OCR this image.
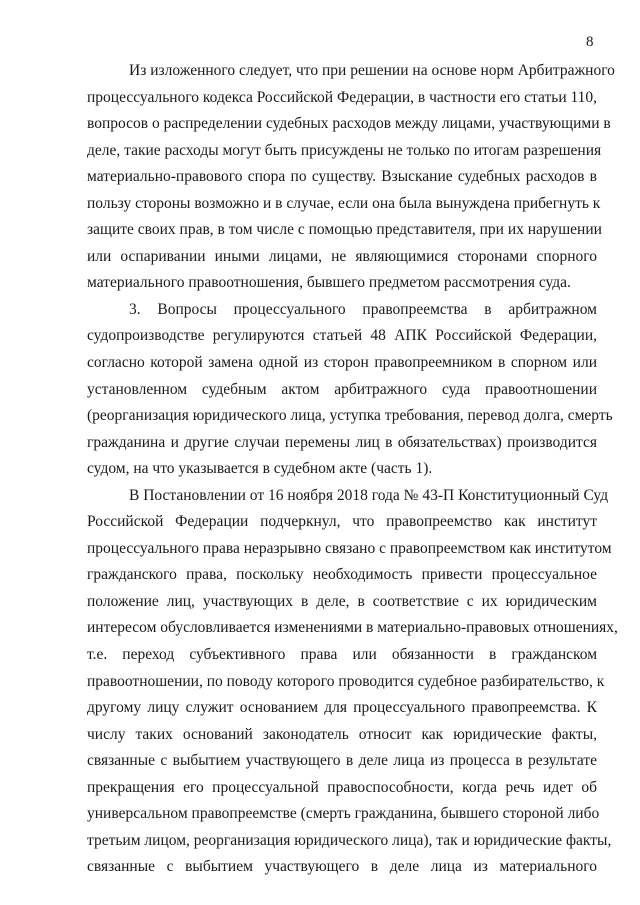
8
Из изложенного следует, что при решении на основе норм Арбитражного
процессуального кодекса Российской Федерации, в частности его статьи 110,
вопросов о распределении судебных расходов между лицами, участвующими в
деле, такие расходы могут быть присуждены не только по итогам разрешения
материально-правового спора по существу. Взыскание судебных расходов в
пользу стороны возможно и в случае, если она была вынуждена прибегнуть к
защите своих прав, в том числе с помощью представителя, при их нарушении
или оспаривании иными лицами, не являющимися сторонами спорного
материального правоотношения, бывшего предметом рассмотрения суда.
3. Вопросы процессуального правопреемства в арбитражном
судопроизводстве регулируются статьей 48 АПК Российской Федерации,
согласно которой замена одной из сторон правопреемником в спорном или
установленном судебным актом арбитражного суда правоотношении
(реорганизация юридического лица, уступка требования, перевод долга, смерть
гражданина и другие случаи перемены лиц в обязательствах) производится
судом, на что указывается в судебном акте (часть 1).
В Постановлении от 16 ноября 2018 года № 43-П Конституционный Суд
Российской Федерации подчеркнул, что правопреемство как институт
процессуального права неразрывно связано с правопреемством как институтом
гражданского права, поскольку необходимость привести процессуальное
положение лиц, участвующих в деле, в соответствие с их юридическим
интересом обусловливается изменениями в материально-правовых отношениях,
т.е. переход субъективного права или обязанности в гражданском
правоотношении, по поводу которого проводится судебное разбирательство, к
другому лицу служит основанием для процессуального правопреемства. К
числу таких оснований законодатель относит как юридические факты,
связанные с выбытием участвующего в деле лица из процесса в результате
прекращения его процессуальной правоспособности, когда речь идет об
универсальном правопреемстве (смерть гражданина, бывшего стороной либо
третьим лицом, реорганизация юридического лица), так и юридические факты,
связанные с выбытием участвующего в деле лица из материального
